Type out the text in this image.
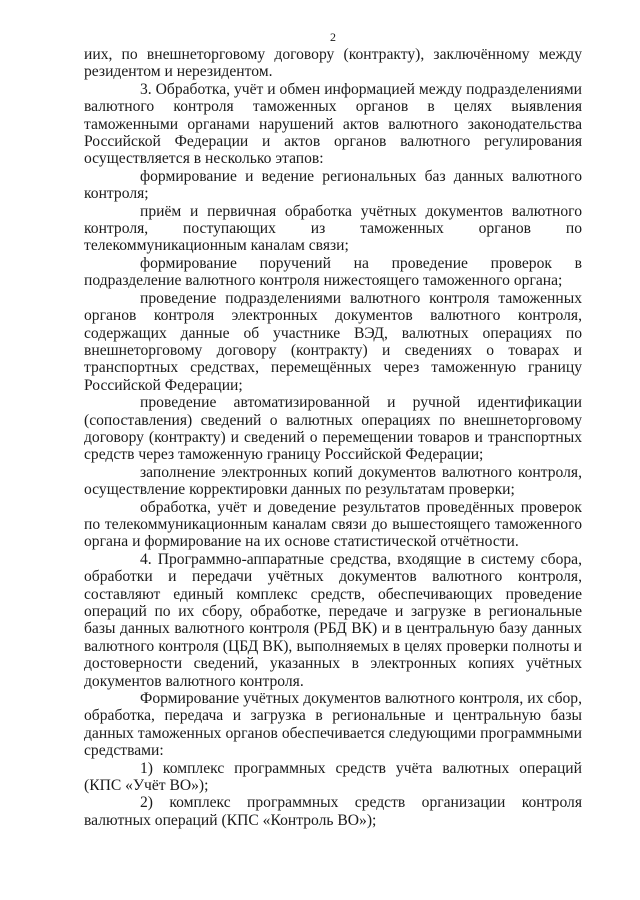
2

иих, по внешнеторговому договору (контракту), заключённому между резидентом и нерезидентом.

3. Обработка, учёт и обмен информацией между подразделениями валютного контроля таможенных органов в целях выявления таможенными органами нарушений актов валютного законодательства Российской Федерации и актов органов валютного регулирования осуществляется в несколько этапов:

формирование и ведение региональных баз данных валютного контроля;

приём и первичная обработка учётных документов валютного контроля, поступающих из таможенных органов по телекоммуникационным каналам связи;

формирование поручений на проведение проверок в подразделение валютного контроля нижестоящего таможенного органа;

проведение подразделениями валютного контроля таможенных органов контроля электронных документов валютного контроля, содержащих данные об участнике ВЭД, валютных операциях по внешнеторговому договору (контракту) и сведениях о товарах и транспортных средствах, перемещённых через таможенную границу Российской Федерации;

проведение автоматизированной и ручной идентификации (сопоставления) сведений о валютных операциях по внешнеторговому договору (контракту) и сведений о перемещении товаров и транспортных средств через таможенную границу Российской Федерации;

заполнение электронных копий документов валютного контроля, осуществление корректировки данных по результатам проверки;

обработка, учёт и доведение результатов проведённых проверок по телекоммуникационным каналам связи до вышестоящего таможенного органа и формирование на их основе статистической отчётности.

4. Программно-аппаратные средства, входящие в систему сбора, обработки и передачи учётных документов валютного контроля, составляют единый комплекс средств, обеспечивающих проведение операций по их сбору, обработке, передаче и загрузке в региональные базы данных валютного контроля (РБД ВК) и в центральную базу данных валютного контроля (ЦБД ВК), выполняемых в целях проверки полноты и достоверности сведений, указанных в электронных копиях учётных документов валютного контроля.

Формирование учётных документов валютного контроля, их сбор, обработка, передача и загрузка в региональные и центральную базы данных таможенных органов обеспечивается следующими программными средствами:

1) комплекс программных средств учёта валютных операций (КПС «Учёт ВО»);

2) комплекс программных средств организации контроля валютных операций (КПС «Контроль ВО»);
